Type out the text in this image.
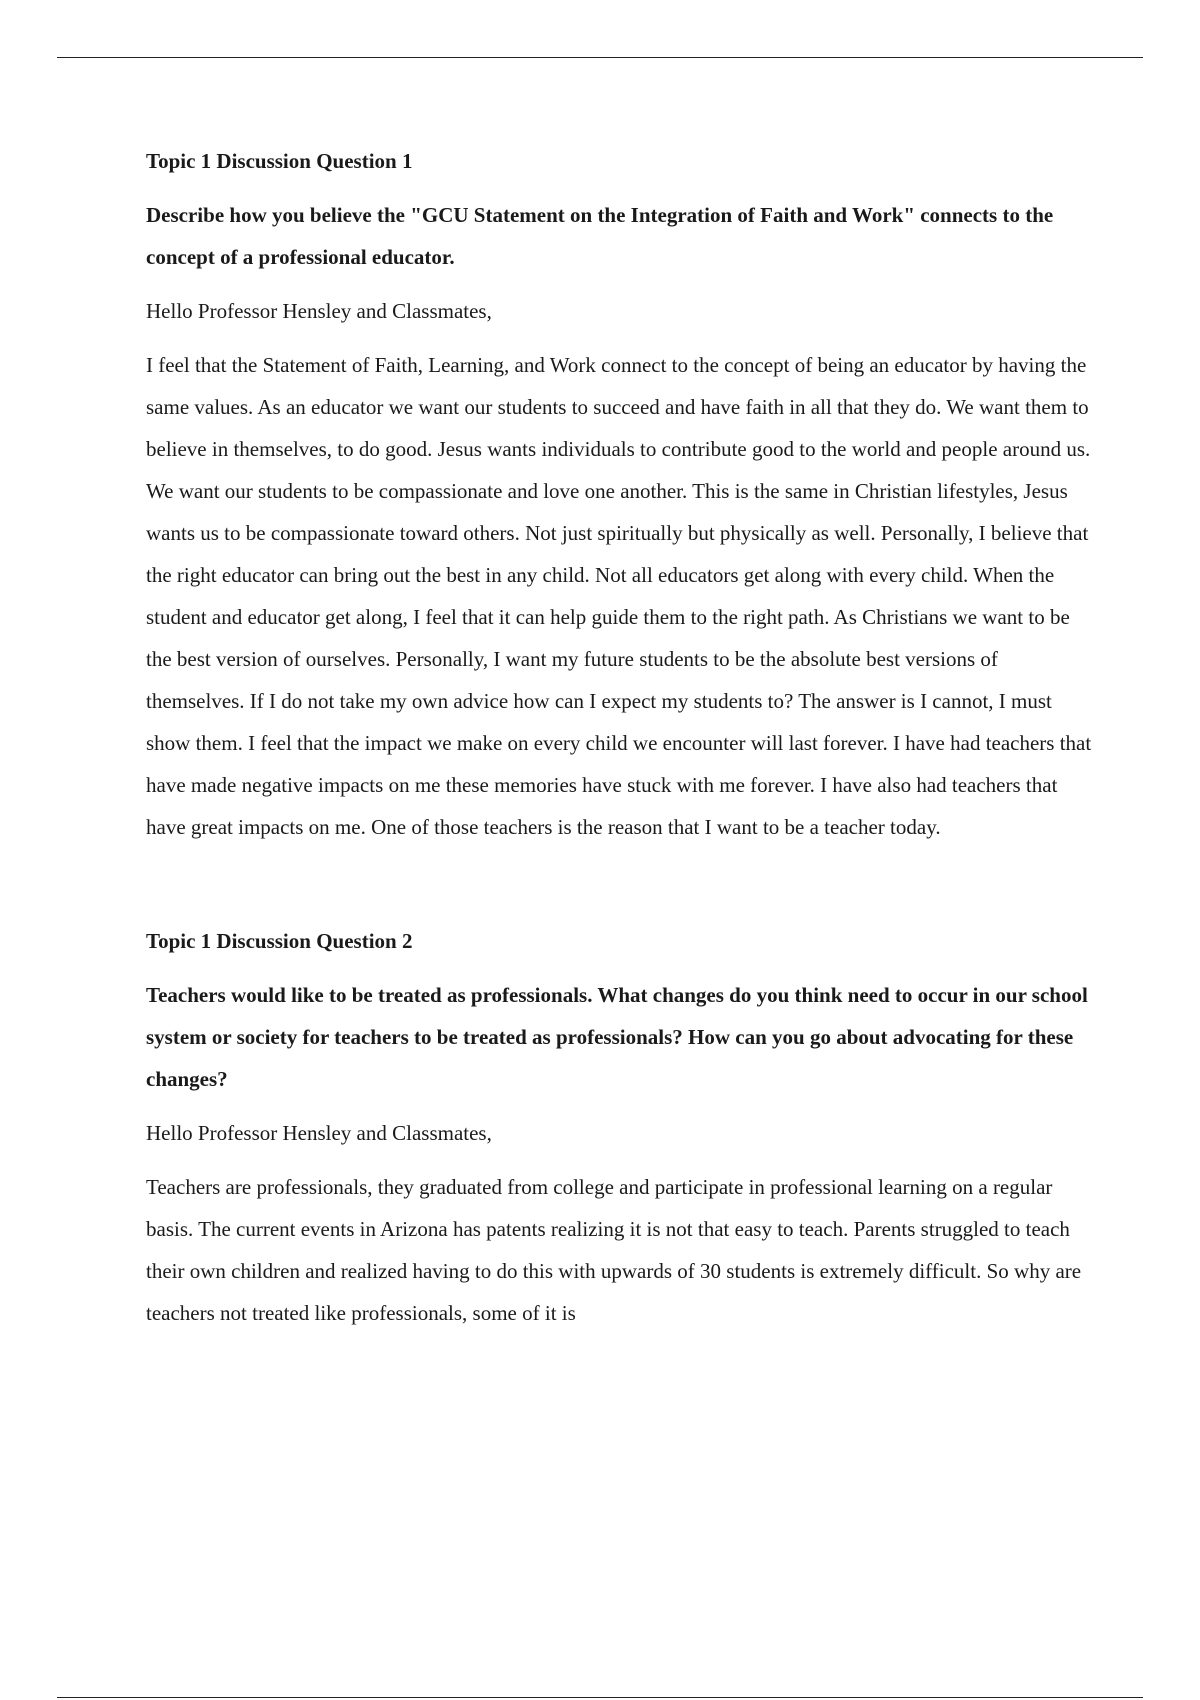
Topic 1 Discussion Question 1

Describe how you believe the "GCU Statement on the Integration of Faith and Work" connects to the concept of a professional educator.

Hello Professor Hensley and Classmates,

I feel that the Statement of Faith, Learning, and Work connect to the concept of being an educator by having the same values. As an educator we want our students to succeed and have faith in all that they do. We want them to believe in themselves, to do good. Jesus wants individuals to contribute good to the world and people around us. We want our students to be compassionate and love one another. This is the same in Christian lifestyles, Jesus wants us to be compassionate toward others. Not just spiritually but physically as well. Personally, I believe that the right educator can bring out the best in any child. Not all educators get along with every child. When the student and educator get along, I feel that it can help guide them to the right path. As Christians we want to be the best version of ourselves. Personally, I want my future students to be the absolute best versions of themselves. If I do not take my own advice how can I expect my students to? The answer is I cannot, I must show them. I feel that the impact we make on every child we encounter will last forever. I have had teachers that have made negative impacts on me these memories have stuck with me forever. I have also had teachers that have great impacts on me. One of those teachers is the reason that I want to be a teacher today.

Topic 1 Discussion Question 2

Teachers would like to be treated as professionals. What changes do you think need to occur in our school system or society for teachers to be treated as professionals? How can you go about advocating for these changes?

Hello Professor Hensley and Classmates,

Teachers are professionals, they graduated from college and participate in professional learning on a regular basis. The current events in Arizona has patents realizing it is not that easy to teach. Parents struggled to teach their own children and realized having to do this with upwards of 30 students is extremely difficult. So why are teachers not treated like professionals, some of it is
